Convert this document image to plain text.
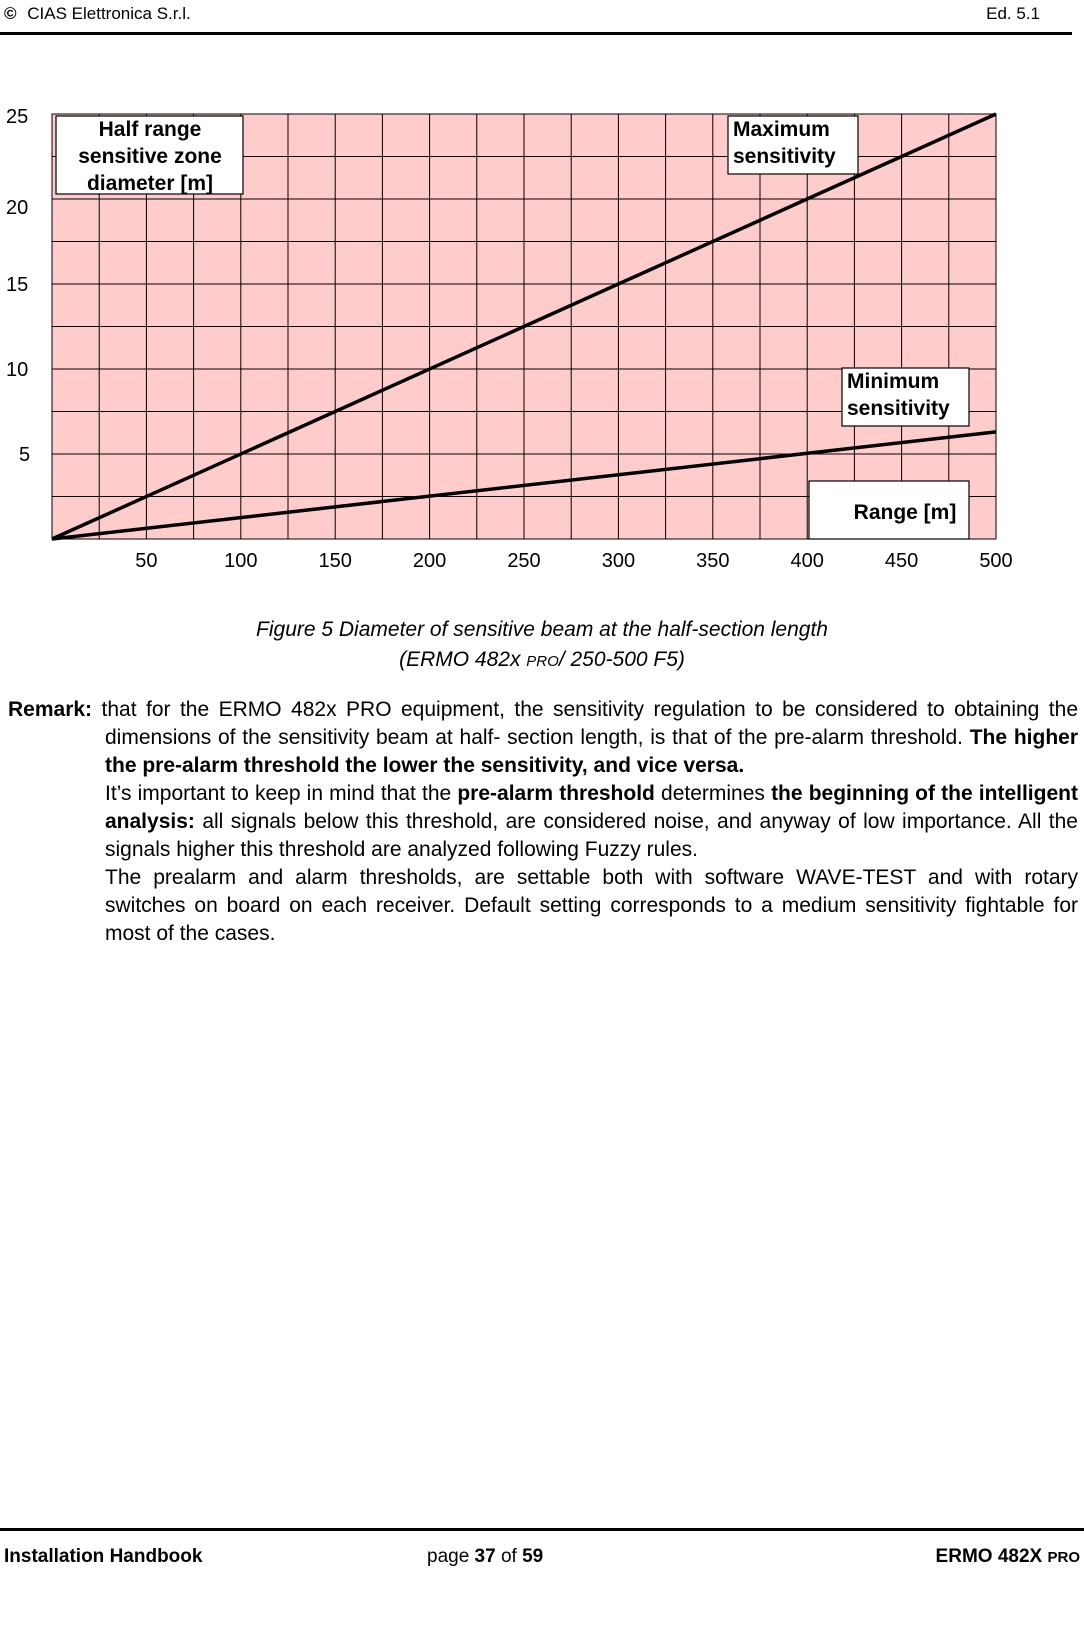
© CIAS Elettronica S.r.l.	Ed. 5.1
50	100	150	200	250	300	350	400	450	500
5
10
15
20
25
Half range
sensitive zone
diameter [m]
Maximum
sensitivity
Minimum
sensitivity
Range [m]
Figure 5 Diameter of sensitive beam at the half-section length
(ERMO 482x PRO/ 250-500 F5)

Remark: that for the ERMO 482x PRO equipment, the sensitivity regulation to be considered to obtaining the dimensions of the sensitivity beam at half- section length, is that of the pre-alarm threshold. The higher the pre-alarm threshold the lower the sensitivity, and vice versa.

It’s important to keep in mind that the pre-alarm threshold determines the beginning of the intelligent analysis: all signals below this threshold, are considered noise, and anyway of low importance. All the signals higher this threshold are analyzed following Fuzzy rules.

The prealarm and alarm thresholds, are settable both with software WAVE-TEST and with rotary switches on board on each receiver. Default setting corresponds to a medium sensitivity fightable for most of the cases.

Installation Handbook	page 37 of 59	ERMO 482X PRO
